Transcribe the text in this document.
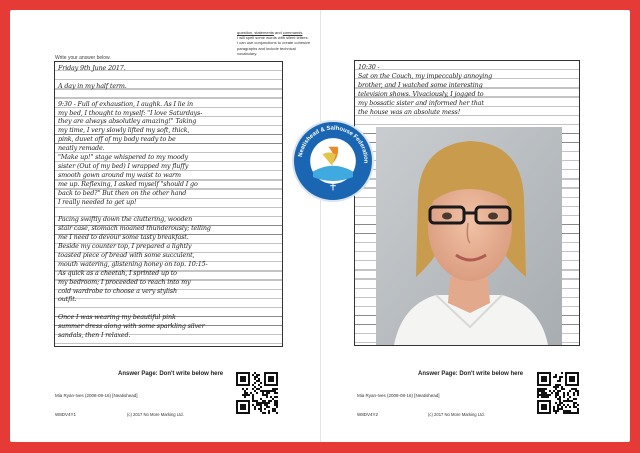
Write your answer below.
question, statements and commands.
I will spell some words with silent letters.
I can use conjunctions to create cohesive
paragraphs and include technical
vocabulary.
Friday 9th June 2017.
A day in my half term.
9:30 - Full of exhaustion, I aughk. As I lie in
my bed, I thought to myself: "I love Saturdays-
they are always absolutley amazing!" Taking
my time, I very slowly lifted my soft, thick,
pink, duvet off of my body ready to be
neatly remade.
"Make up!" stage whispered to my moody
sister (Out of my bed) I wrapped my fluffy
smooth gown around my waist to warm
me up. Reflexing, I asked myself "should I go
back to bed?" But then on the other hand
I really needed to get up!
Pacing swiftly down the cluttering, wooden
stair case, stomach moaned thunderously; telling
me I need to devour some tasty breakfast.
Beside my counter top, I prepared a lightly
toasted piece of bread with some succulent,
mouth watering, glistening honey on top. 10:15-
As quick as a cheetah, I sprinted up to
my bedroom; I proceeded to reach into my
cold wardrobe to choose a very stylish
outfit.
Once I was wearing my beautiful pink
summer dress along with some sparkling silver
sandals, then I relaxed.
Answer Page: Don't write below here
Mia Ryan-Ives (2008-08-16) [Neatishead]
W8DV4Y1	(c) 2017 No More Marking Ltd.
10:30 -
Sat on the Couch, my impeccably annoying
brother, and I watched some interesting
television shows. Vivaciously, I jogged to
my bossatic sister and informed her that
the house was an absolute mess!
Answer Page: Don't write below here
Mia Ryan-Ives (2008-08-16) [Neatishead]
W8DV4Y2	(c) 2017 No More Marking Ltd.
Neatishead & Salhouse Federation
